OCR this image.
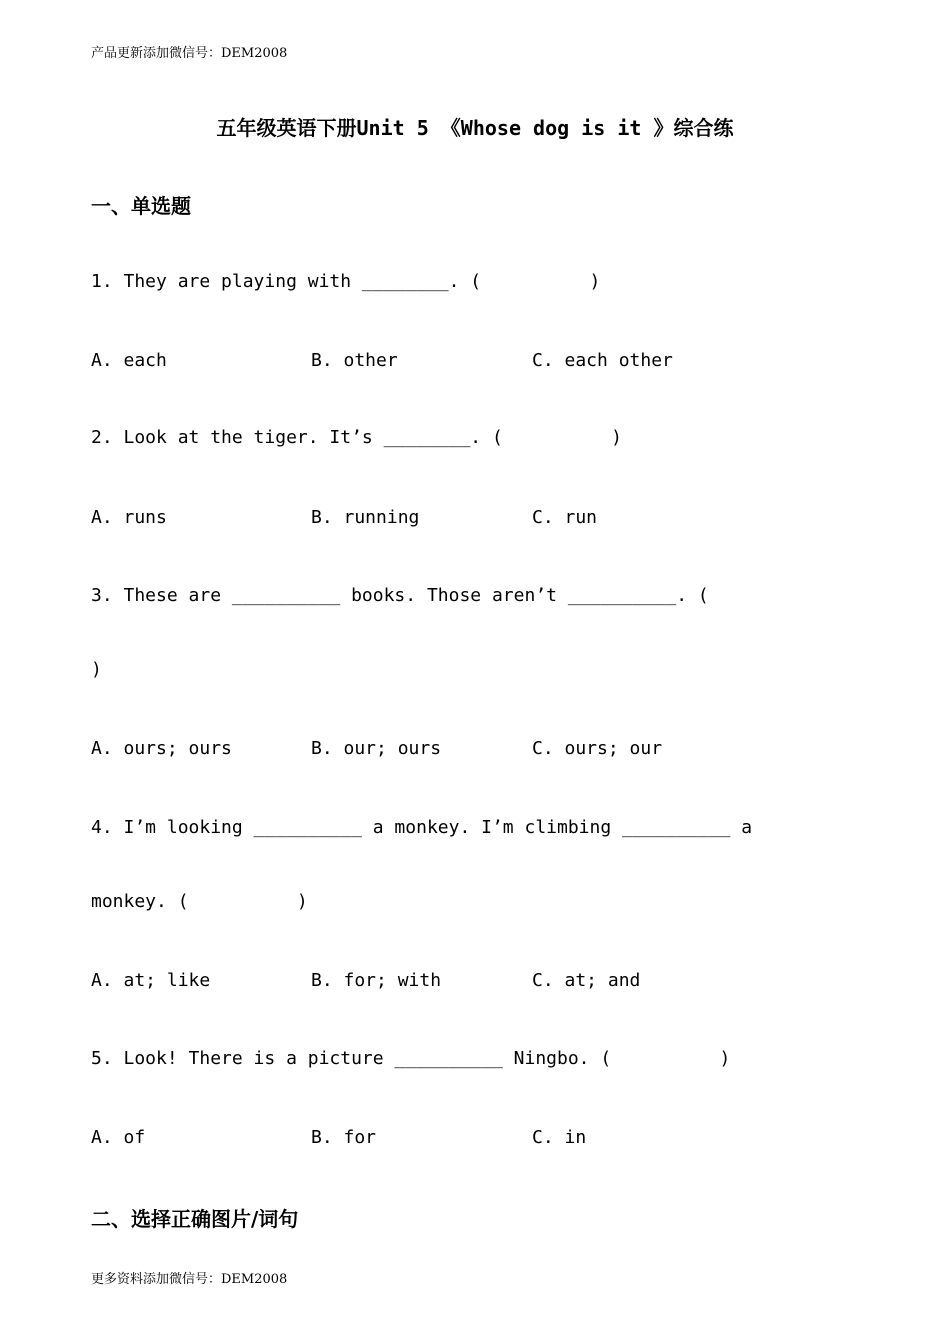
产品更新添加微信号：DEM2008
五年级英语下册Unit 5 《Whose dog is it 》综合练
一、单选题
1. They are playing with ________. (          )
A. each	B. other	C. each other
2. Look at the tiger. It’s ________. (          )
A. runs	B. running	C. run
3. These are __________ books. Those aren’t __________. (
)
A. ours; ours	B. our; ours	C. ours; our
4. I’m looking __________ a monkey. I’m climbing __________ a
monkey. (          )
A. at; like	B. for; with	C. at; and
5. Look! There is a picture __________ Ningbo. (          )
A. of	B. for	C. in
二、选择正确图片/词句
更多资料添加微信号：DEM2008
